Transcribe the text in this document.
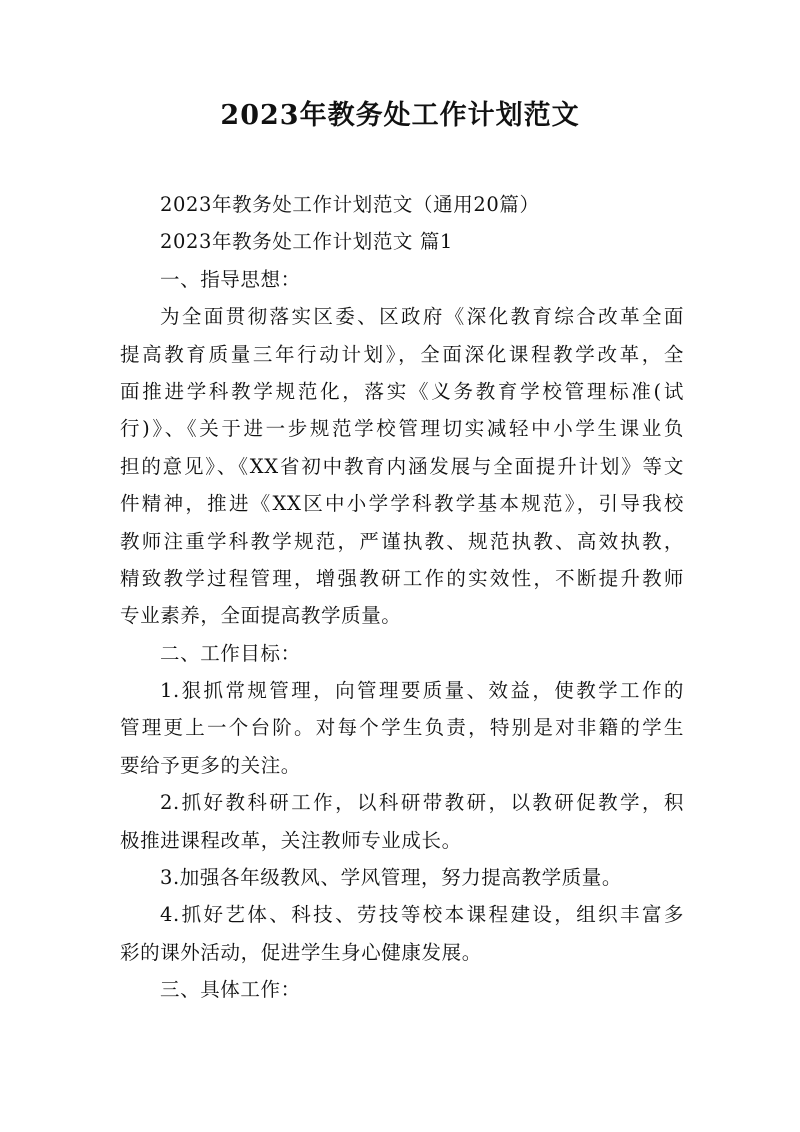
2023年教务处工作计划范文
2023年教务处工作计划范文（通用20篇）
2023年教务处工作计划范文 篇1
一、指导思想：
为全面贯彻落实区委、区政府《深化教育综合改革全面
提高教育质量三年行动计划》，全面深化课程教学改革，全
面推进学科教学规范化，落实《义务教育学校管理标准(试
行)》、《关于进一步规范学校管理切实减轻中小学生课业负
担的意见》、《XX省初中教育内涵发展与全面提升计划》等文
件精神，推进《XX区中小学学科教学基本规范》，引导我校
教师注重学科教学规范，严谨执教、规范执教、高效执教，
精致教学过程管理，增强教研工作的实效性，不断提升教师
专业素养，全面提高教学质量。
二、工作目标：
1.狠抓常规管理，向管理要质量、效益，使教学工作的
管理更上一个台阶。对每个学生负责，特别是对非籍的学生
要给予更多的关注。
2.抓好教科研工作，以科研带教研，以教研促教学，积
极推进课程改革，关注教师专业成长。
3.加强各年级教风、学风管理，努力提高教学质量。
4.抓好艺体、科技、劳技等校本课程建设，组织丰富多
彩的课外活动，促进学生身心健康发展。
三、具体工作：
